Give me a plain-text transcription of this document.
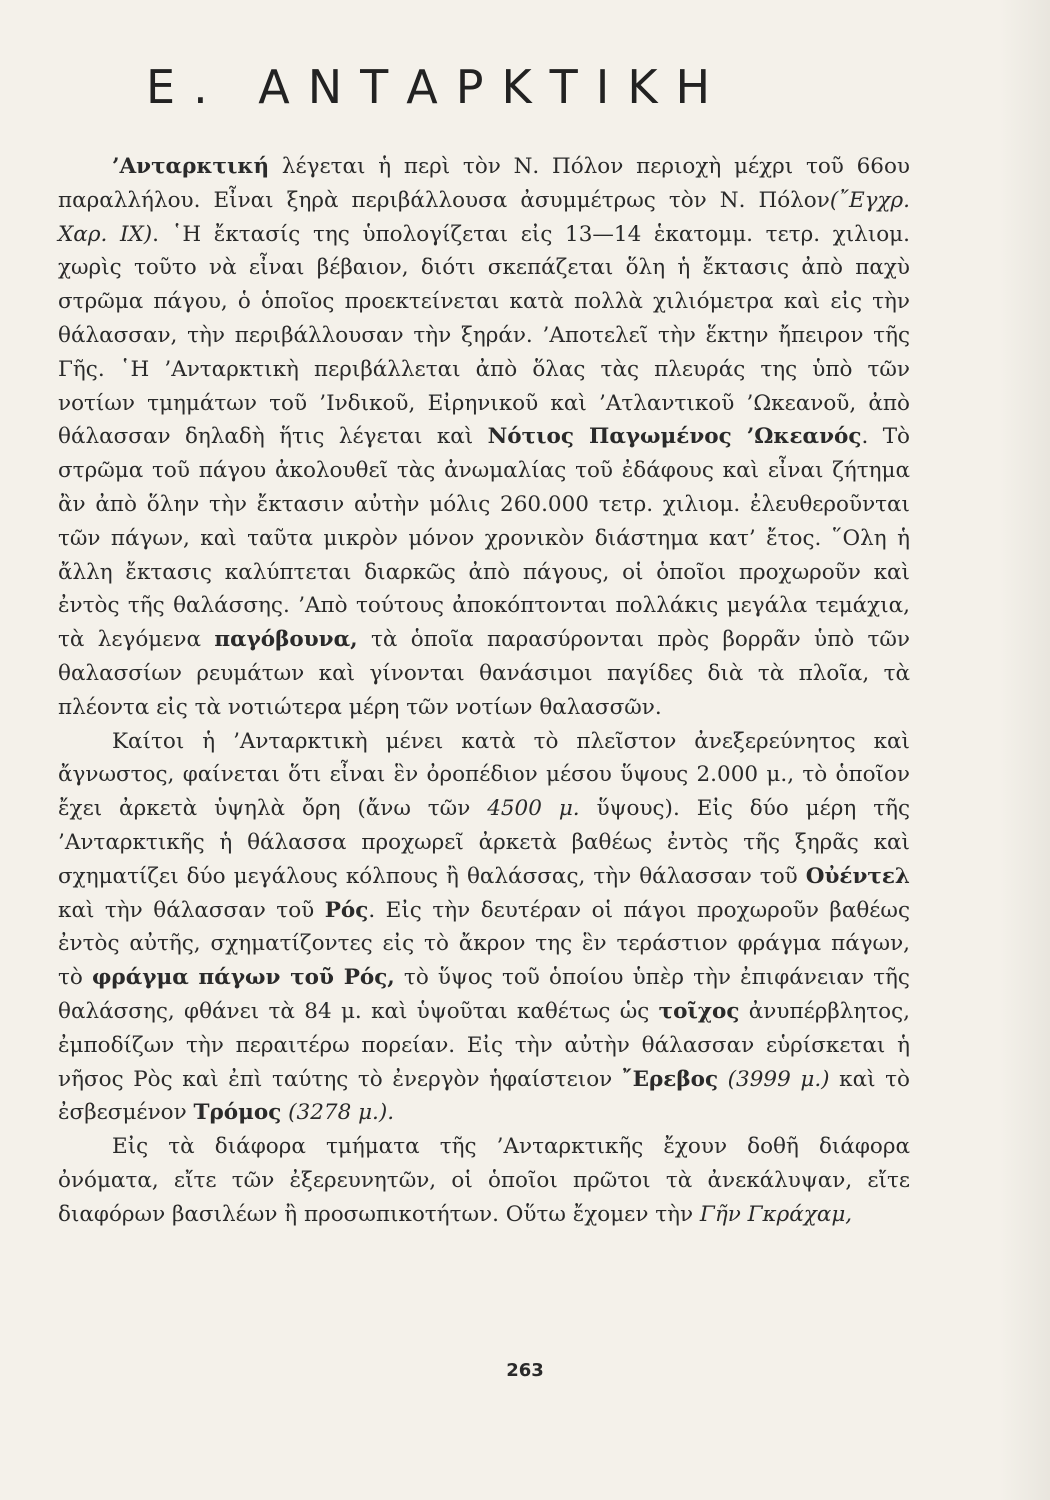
Ε. ΑΝΤΑΡΚΤΙΚΗ

’Ανταρκτική λέγεται ἡ περὶ τὸν Ν. Πόλον περιοχὴ μέχρι τοῦ 66ου παραλλήλου. Εἶναι ξηρὰ περιβάλλουσα ἀσυμμέτρως τὸν Ν. Πόλον(῎Εγχρ. Χαρ. ΙΧ). ῾Η ἔκτασίς της ὑπολογίζεται εἰς 13—14 ἑκατομμ. τετρ. χιλιομ. χωρὶς τοῦτο νὰ εἶναι βέβαιον, διότι σκεπάζεται ὅλη ἡ ἔκτασις ἀπὸ παχὺ στρῶμα πάγου, ὁ ὁποῖος προεκτείνεται κατὰ πολλὰ χιλιόμετρα καὶ εἰς τὴν θάλασσαν, τὴν περιβάλλουσαν τὴν ξηράν. ’Αποτελεῖ τὴν ἕκτην ἤπειρον τῆς Γῆς. ῾Η ’Ανταρκτικὴ περιβάλλεται ἀπὸ ὅλας τὰς πλευράς της ὑπὸ τῶν νοτίων τμημάτων τοῦ ’Ινδικοῦ, Εἰρηνικοῦ καὶ ’Ατλαντικοῦ ’Ωκεανοῦ, ἀπὸ θάλασσαν δηλαδὴ ἥτις λέγεται καὶ Νότιος Παγωμένος ’Ωκεανός. Τὸ στρῶμα τοῦ πάγου ἀκολουθεῖ τὰς ἀνωμαλίας τοῦ ἐδάφους καὶ εἶναι ζήτημα ἂν ἀπὸ ὅλην τὴν ἔκτασιν αὐτὴν μόλις 260.000 τετρ. χιλιομ. ἐλευθεροῦνται τῶν πάγων, καὶ ταῦτα μικρὸν μόνον χρονικὸν διάστημα κατ’ ἔτος. ῞Ολη ἡ ἄλλη ἔκτασις καλύπτεται διαρκῶς ἀπὸ πάγους, οἱ ὁποῖοι προχωροῦν καὶ ἐντὸς τῆς θαλάσσης. ’Απὸ τούτους ἀποκόπτονται πολλάκις μεγάλα τεμάχια, τὰ λεγόμενα παγόβουνα, τὰ ὁποῖα παρασύρονται πρὸς βορρᾶν ὑπὸ τῶν θαλασσίων ρευμάτων καὶ γίνονται θανάσιμοι παγίδες διὰ τὰ πλοῖα, τὰ πλέοντα εἰς τὰ νοτιώτερα μέρη τῶν νοτίων θαλασσῶν.

Καίτοι ἡ ’Ανταρκτικὴ μένει κατὰ τὸ πλεῖστον ἀνεξερεύνητος καὶ ἄγνωστος, φαίνεται ὅτι εἶναι ἓν ὀροπέδιον μέσου ὕψους 2.000 μ., τὸ ὁποῖον ἔχει ἀρκετὰ ὑψηλὰ ὄρη (ἄνω τῶν 4500 μ. ὕψους). Εἰς δύο μέρη τῆς ’Ανταρκτικῆς ἡ θάλασσα προχωρεῖ ἀρκετὰ βαθέως ἐντὸς τῆς ξηρᾶς καὶ σχηματίζει δύο μεγάλους κόλπους ἢ θαλάσσας, τὴν θάλασσαν τοῦ Οὐέντελ καὶ τὴν θάλασσαν τοῦ Ρός. Εἰς τὴν δευτέραν οἱ πάγοι προχωροῦν βαθέως ἐντὸς αὐτῆς, σχηματίζοντες εἰς τὸ ἄκρον της ἓν τεράστιον φράγμα πάγων, τὸ φράγμα πάγων τοῦ Ρός, τὸ ὕψος τοῦ ὁποίου ὑπὲρ τὴν ἐπιφάνειαν τῆς θαλάσσης, φθάνει τὰ 84 μ. καὶ ὑψοῦται καθέτως ὡς τοῖχος ἀνυπέρβλητος, ἐμποδίζων τὴν περαιτέρω πορείαν. Εἰς τὴν αὐτὴν θάλασσαν εὑρίσκεται ἡ νῆσος Ρὸς καὶ ἐπὶ ταύτης τὸ ἐνεργὸν ἡφαίστειον ῎Ερεβος (3999 μ.) καὶ τὸ ἐσβεσμένον Τρόμος (3278 μ.).

Εἰς τὰ διάφορα τμήματα τῆς ’Ανταρκτικῆς ἔχουν δοθῆ διάφορα ὀνόματα, εἴτε τῶν ἐξερευνητῶν, οἱ ὁποῖοι πρῶτοι τὰ ἀνεκάλυψαν, εἴτε διαφόρων βασιλέων ἢ προσωπικοτήτων. Οὕτω ἔχομεν τὴν Γῆν Γκράχαμ,

263
